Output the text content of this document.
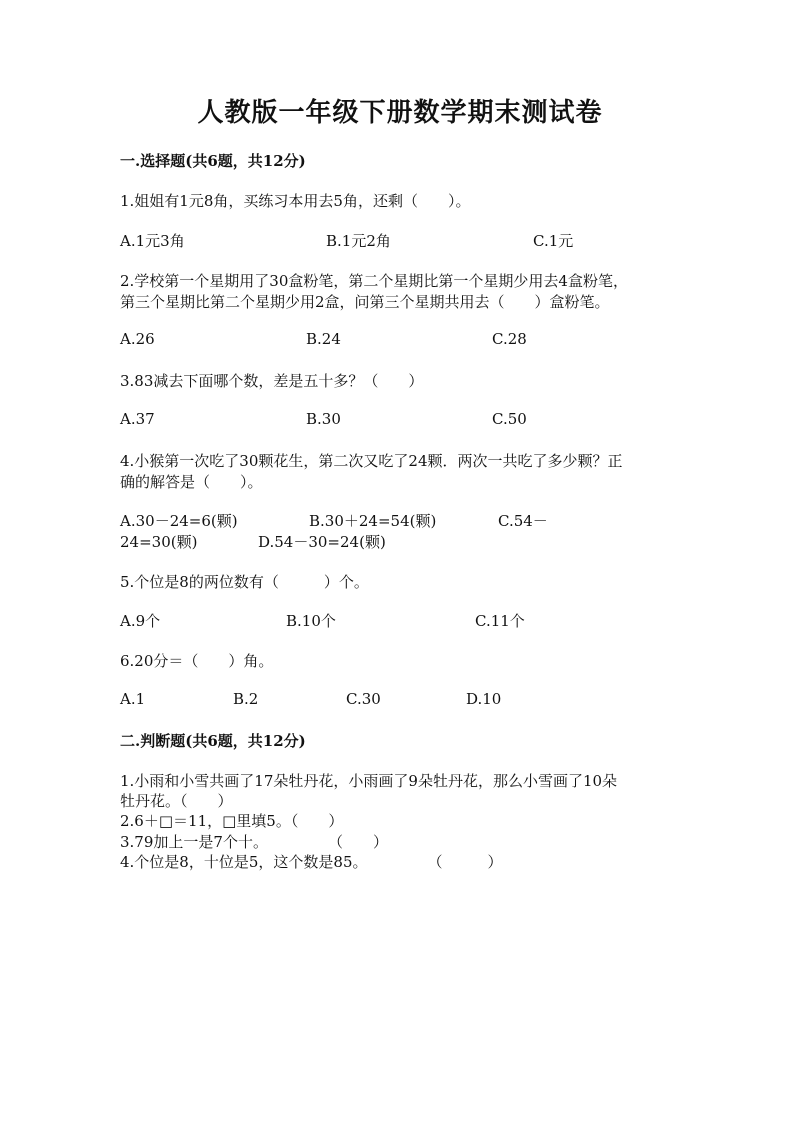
人教版一年级下册数学期末测试卷
一.选择题(共6题，共12分)
1.姐姐有1元8角，买练习本用去5角，还剩（　　）。
A.1元3角	B.1元2角	C.1元
2.学校第一个星期用了30盒粉笔，第二个星期比第一个星期少用去4盒粉笔，
第三个星期比第二个星期少用2盒，问第三个星期共用去（　　）盒粉笔。
A.26	B.24	C.28
3.83减去下面哪个数，差是五十多？（　　）
A.37	B.30	C.50
4.小猴第一次吃了30颗花生，第二次又吃了24颗．两次一共吃了多少颗？正
确的解答是（　　）。
A.30－24=6(颗)	B.30＋24=54(颗)	C.54－
24=30(颗)	D.54－30=24(颗)
5.个位是8的两位数有（　　　）个。
A.9个	B.10个	C.11个
6.20分＝（　　）角。
A.1	B.2	C.30	D.10
二.判断题(共6题，共12分)
1.小雨和小雪共画了17朵牡丹花，小雨画了9朵牡丹花，那么小雪画了10朵
牡丹花。（　　）
2.6＋□＝11，□里填5。（　　）
3.79加上一是7个十。　　　　　（　　）
4.个位是8，十位是5，这个数是85。　　　　　（　　　）
